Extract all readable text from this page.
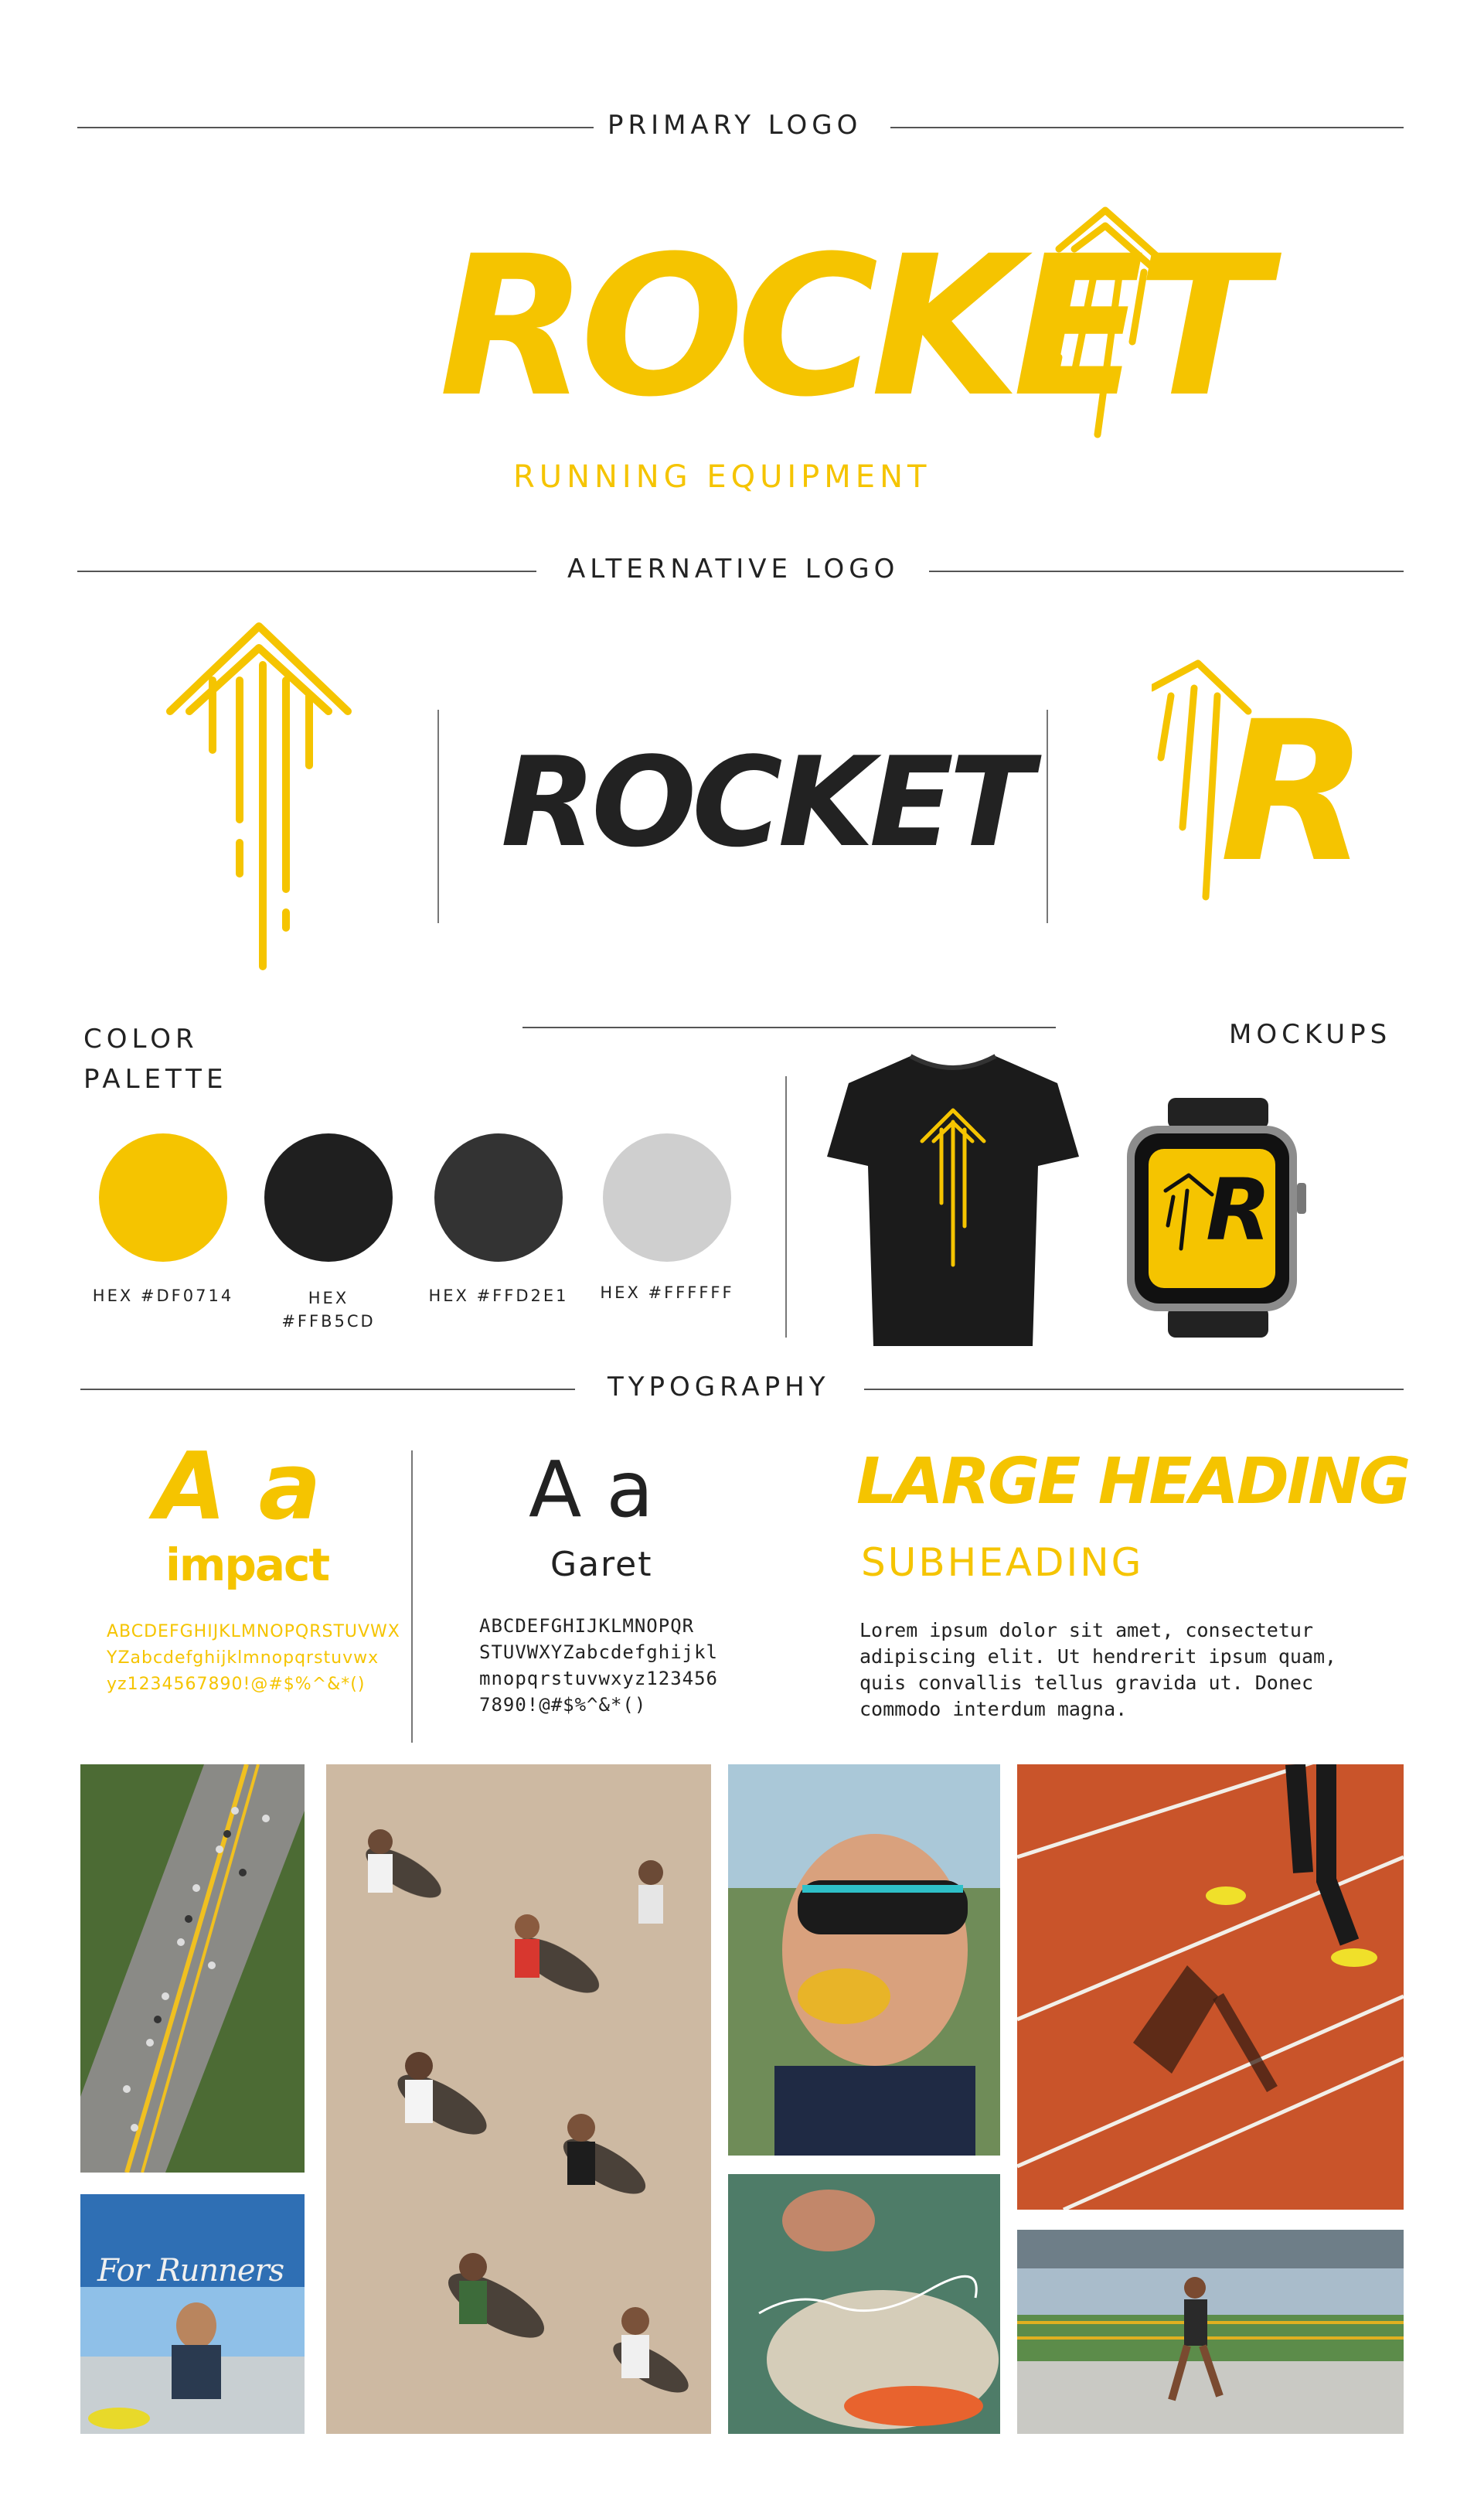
PRIMARY LOGO
ROCKET
RUNNING EQUIPMENT
ALTERNATIVE LOGO
ROCKET R
COLOR
PALETTE
MOCKUPS
HEX #DF0714	HEX
#FFB5CD
HEX #FFD2E1	HEX #FFFFFF
R
TYPOGRAPHY
A a
impact
ABCDEFGHIJKLMNOPQRSTUVWX
YZabcdefghijklmnopqrstuvwx
yz1234567890!@#$%^&*()
A a
Garet
ABCDEFGHIJKLMNOPQR
STUVWXYZabcdefghijkl
mnopqrstuvwxyz123456
7890!@#$%^&*()
LARGE HEADING
SUBHEADING
Lorem ipsum dolor sit amet, consectetur
adipiscing elit. Ut hendrerit ipsum quam,
quis convallis tellus gravida ut. Donec
commodo interdum magna.
For Runners
